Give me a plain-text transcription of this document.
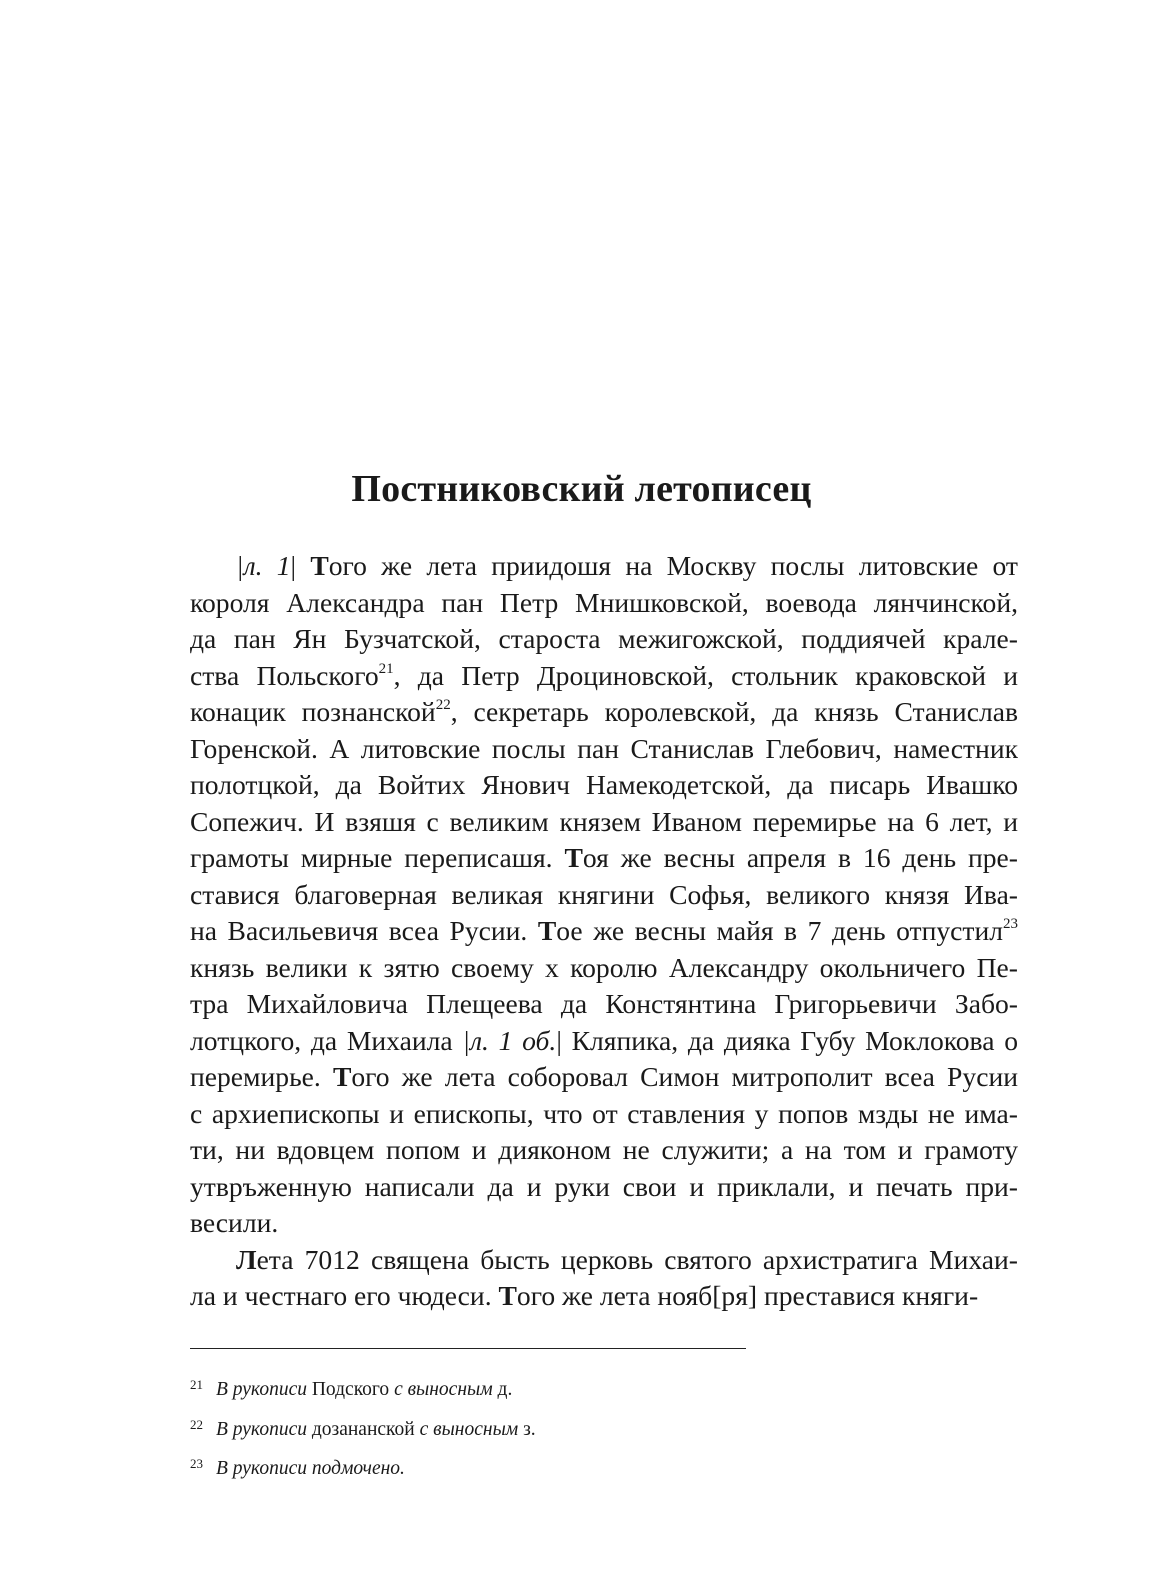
Постниковский летописец
|л. 1| Того же лета приидошя на Москву послы литовские от
короля Александра пан Петр Мнишковской, воевода лянчинской,
да пан Ян Бузчатской, староста межигожской, поддиячей крале-
ства Польского$^{21}$, да Петр Дроциновской, стольник краковской и
конацик познанской$^{22}$, секретарь королевской, да князь Станислав
Горенской. А литовские послы пан Станислав Глебович, наместник
полотцкой, да Войтих Янович Намекодетской, да писарь Ивашко
Сопежич. И взяшя с великим князем Иваном перемирье на 6 лет, и
грамоты мирные переписашя. Тоя же весны апреля в 16 день пре-
ставися благоверная великая княгини Софья, великого князя Ива-
на Васильевичя всеа Русии. Тое же весны майя в 7 день отпустил$^{23}$
князь велики к зятю своему х королю Александру окольничего Пе-
тра Михайловича Плещеева да Констянтина Григорьевичи Забо-
лотцкого, да Михаила |л. 1 об.| Кляпика, да дияка Губу Моклокова о
перемирье. Того же лета соборовал Симон митрополит всеа Русии
с архиепископы и епископы, что от ставления у попов мзды не има-
ти, ни вдовцем попом и дияконом не служити; а на том и грамоту
утвръженную написали да и руки свои и приклали, и печать при-
весили.
Лета 7012 священа бысть церковь святого архистратига Михаи-
ла и честнаго его чюдеси. Того же лета нояб[ря] преставися княги-
21 В рукописи Подского с выносным д.
22 В рукописи дозананской с выносным з.
23 В рукописи подмочено.
